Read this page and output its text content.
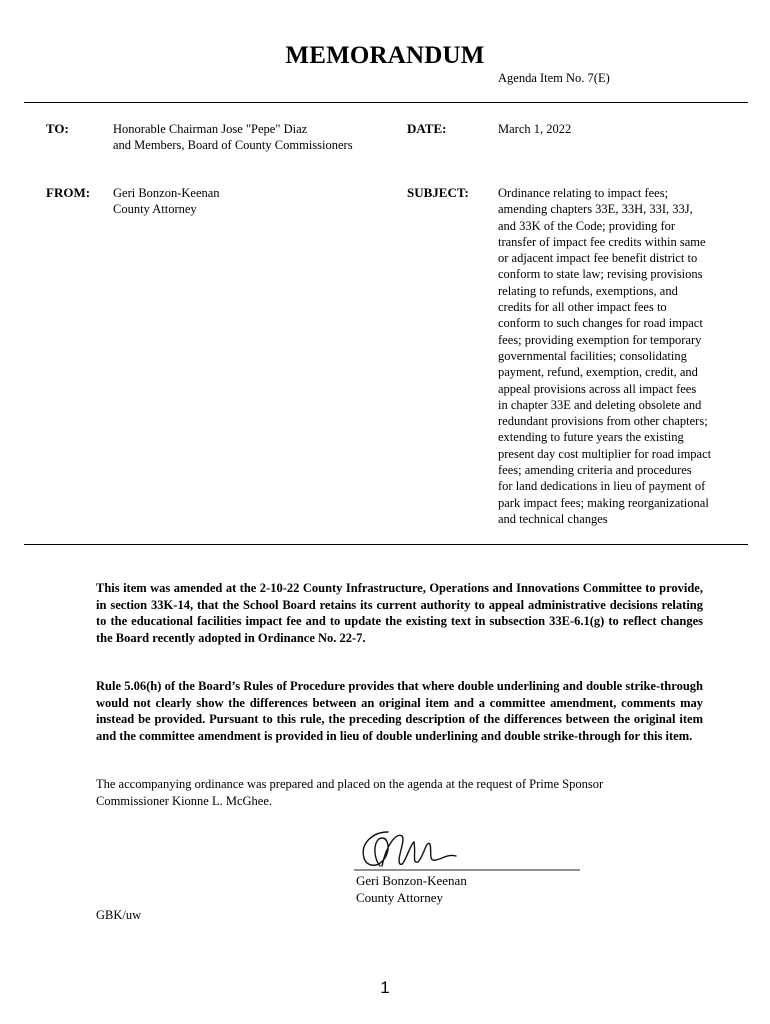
MEMORANDUM
Agenda Item No. 7(E)
TO:	Honorable Chairman Jose "Pepe" Diaz
and Members, Board of County Commissioners
DATE:	March 1, 2022
FROM: Geri Bonzon-Keenan
County Attorney
SUBJECT: Ordinance relating to impact fees;
amending chapters 33E, 33H, 33I, 33J,
and 33K of the Code; providing for
transfer of impact fee credits within same
or adjacent impact fee benefit district to
conform to state law; revising provisions
relating to refunds, exemptions, and
credits for all other impact fees to
conform to such changes for road impact
fees; providing exemption for temporary
governmental facilities; consolidating
payment, refund, exemption, credit, and
appeal provisions across all impact fees
in chapter 33E and deleting obsolete and
redundant provisions from other chapters;
extending to future years the existing
present day cost multiplier for road impact
fees; amending criteria and procedures
for land dedications in lieu of payment of
park impact fees; making reorganizational
and technical changes
This item was amended at the 2-10-22 County Infrastructure, Operations and Innovations Committee to provide, in section 33K-14, that the School Board retains its current authority to appeal administrative decisions relating to the educational facilities impact fee and to update the existing text in subsection 33E-6.1(g) to reflect changes the Board recently adopted in Ordinance No. 22-7.
Rule 5.06(h) of the Board’s Rules of Procedure provides that where double underlining and double strike-through would not clearly show the differences between an original item and a committee amendment, comments may instead be provided. Pursuant to this rule, the preceding description of the differences between the original item and the committee amendment is provided in lieu of double underlining and double strike-through for this item.
The accompanying ordinance was prepared and placed on the agenda at the request of Prime Sponsor Commissioner Kionne L. McGhee.
Geri Bonzon-Keenan
County Attorney
GBK/uw
1
